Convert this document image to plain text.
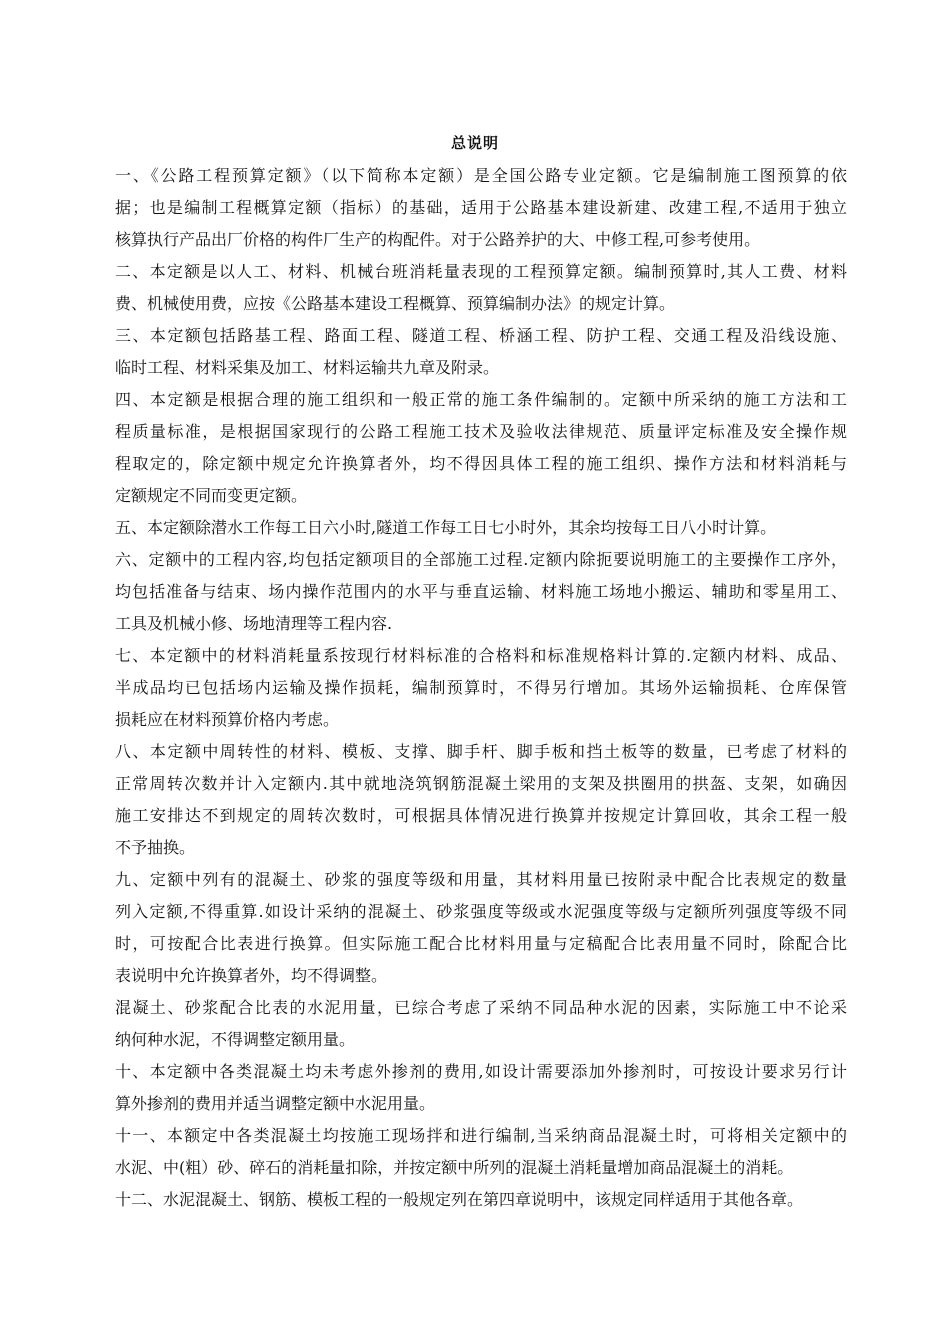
总说明
一、《公路工程预算定额》（以下简称本定额）是全国公路专业定额。它是编制施工图预算的依
据；也是编制工程概算定额（指标）的基础，适用于公路基本建设新建、改建工程,不适用于独立
核算执行产品出厂价格的构件厂生产的构配件。对于公路养护的大、中修工程,可参考使用。
二、本定额是以人工、材料、机械台班消耗量表现的工程预算定额。编制预算时,其人工费、材料
费、机械使用费，应按《公路基本建设工程概算、预算编制办法》的规定计算。
三、本定额包括路基工程、路面工程、隧道工程、桥涵工程、防护工程、交通工程及沿线设施、
临时工程、材料采集及加工、材料运输共九章及附录。
四、本定额是根据合理的施工组织和一般正常的施工条件编制的。定额中所采纳的施工方法和工
程质量标准，是根据国家现行的公路工程施工技术及验收法律规范、质量评定标准及安全操作规
程取定的，除定额中规定允许换算者外，均不得因具体工程的施工组织、操作方法和材料消耗与
定额规定不同而变更定额。
五、本定额除潜水工作每工日六小时,隧道工作每工日七小时外，其余均按每工日八小时计算。
六、定额中的工程内容,均包括定额项目的全部施工过程.定额内除扼要说明施工的主要操作工序外，
均包括准备与结束、场内操作范围内的水平与垂直运输、材料施工场地小搬运、辅助和零星用工、
工具及机械小修、场地清理等工程内容.
七、本定额中的材料消耗量系按现行材料标准的合格料和标准规格料计算的.定额内材料、成品、
半成品均已包括场内运输及操作损耗，编制预算时，不得另行增加。其场外运输损耗、仓库保管
损耗应在材料预算价格内考虑。
八、本定额中周转性的材料、模板、支撑、脚手杆、脚手板和挡土板等的数量，已考虑了材料的
正常周转次数并计入定额内.其中就地浇筑钢筋混凝土梁用的支架及拱圈用的拱盔、支架，如确因
施工安排达不到规定的周转次数时，可根据具体情况进行换算并按规定计算回收，其余工程一般
不予抽换。
九、定额中列有的混凝土、砂浆的强度等级和用量，其材料用量已按附录中配合比表规定的数量
列入定额,不得重算.如设计采纳的混凝土、砂浆强度等级或水泥强度等级与定额所列强度等级不同
时，可按配合比表进行换算。但实际施工配合比材料用量与定稿配合比表用量不同时，除配合比
表说明中允许换算者外，均不得调整。
混凝土、砂浆配合比表的水泥用量，已综合考虑了采纳不同品种水泥的因素，实际施工中不论采
纳何种水泥，不得调整定额用量。
十、本定额中各类混凝土均未考虑外掺剂的费用,如设计需要添加外掺剂时，可按设计要求另行计
算外掺剂的费用并适当调整定额中水泥用量。
十一、本额定中各类混凝土均按施工现场拌和进行编制,当采纳商品混凝土时，可将相关定额中的
水泥、中(粗）砂、碎石的消耗量扣除，并按定额中所列的混凝土消耗量增加商品混凝土的消耗。
十二、水泥混凝土、钢筋、模板工程的一般规定列在第四章说明中，该规定同样适用于其他各章。
